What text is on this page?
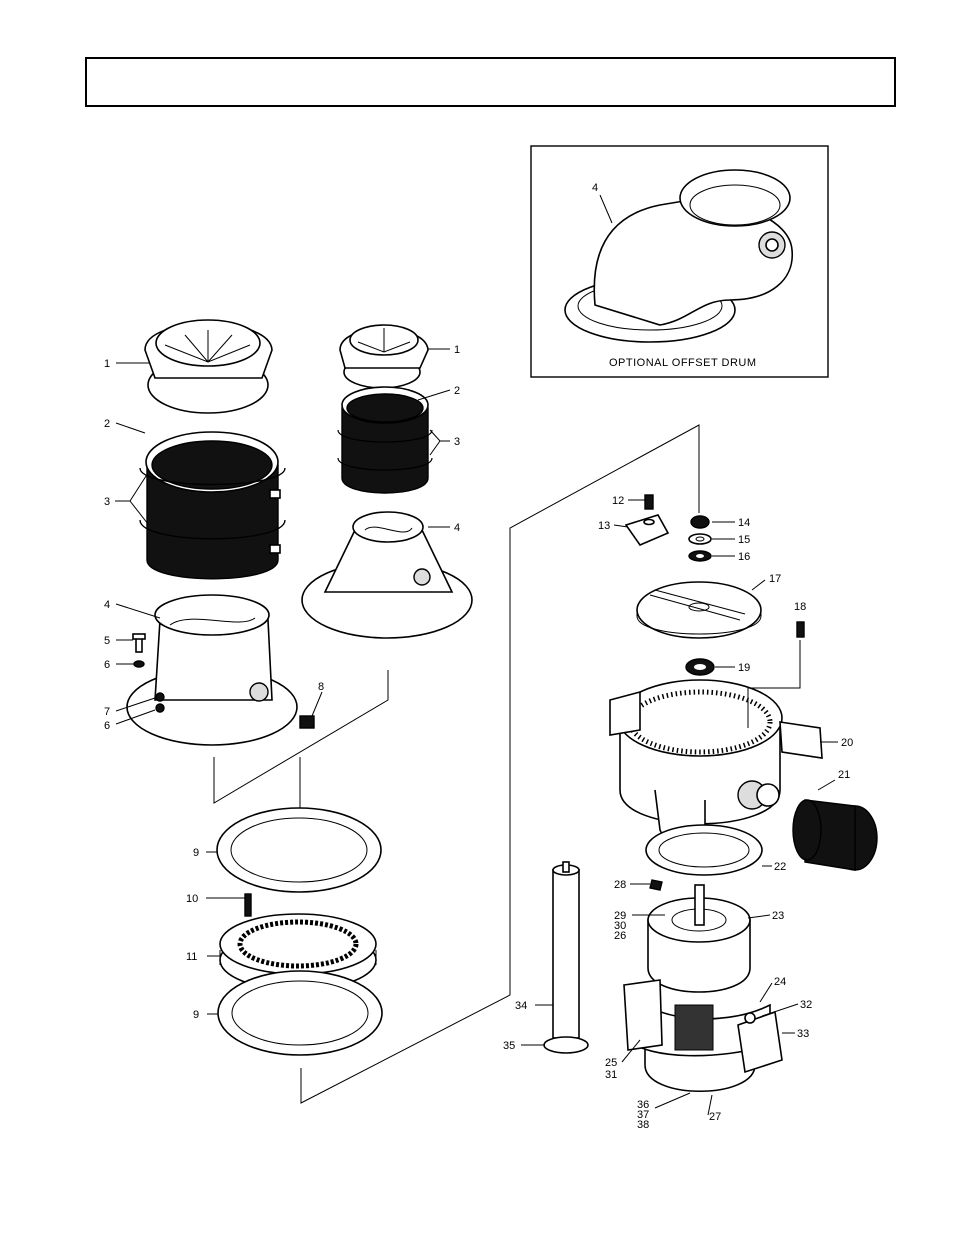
4
OPTIONAL OFFSET DRUM
1
2
3
4
5
6
7
6
8
1
2
3
4
9
10
11
9
12
13	14
15
16
17
18
19
20
21
22
28
29
30
26
23
24
32
33
34
35
25
31
36
37
38
27
